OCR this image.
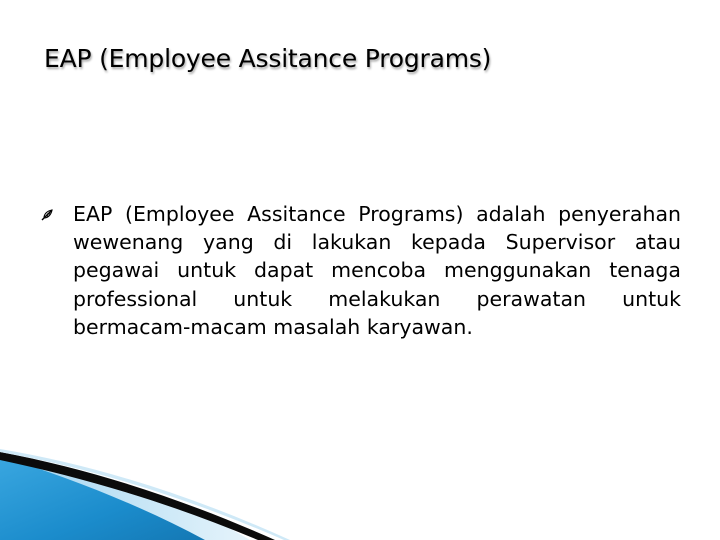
EAP (Employee Assitance Programs)

EAP (Employee Assitance Programs) adalah penyerahan wewenang yang di lakukan kepada Supervisor atau pegawai untuk dapat mencoba menggunakan tenaga professional untuk melakukan perawatan untuk bermacam-macam masalah karyawan.
